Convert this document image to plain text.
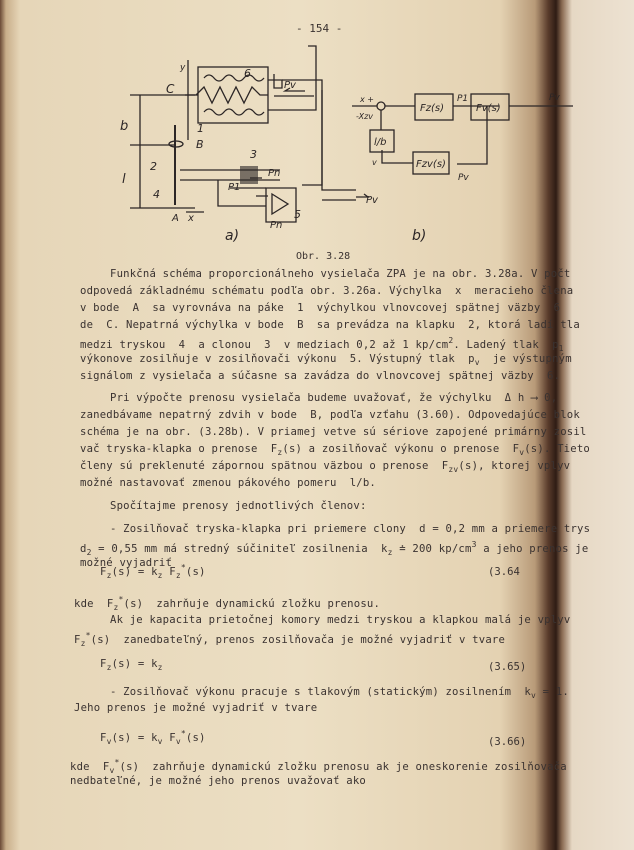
- 154 -
C
b
l
B
1
2
3
4
5
6
y
x
A
Pv
Pn
P1
Pv
Pn
a)
x +
-Xzv
Fz(s)
P1
Fv(s)
Pv
l/b
Fzv(s)
Pv
v
b)
Obr. 3.28
Funkčná schéma proporcionálneho vysielača ZPA je na obr. 3.28a. V počt
odpovedá základnému schématu podľa obr. 3.26a. Výchylka  x  meracieho člena
v bode  A  sa vyrovnáva na páke  1  výchylkou vlnovcovej spätnej väzby  6
de  C. Nepatrná výchylka v bode  B  sa prevádza na klapku  2, ktorá ladí tla
medzi tryskou  4  a clonou  3  v medziach 0,2 až 1 $kp/cm^2$. Ladený tlak  $p_1$
výkonove zosilňuje v zosilňovači výkonu  5. Výstupný tlak  $p_v$  je výstupným
signálom z vysielača a súčasne sa zavádza do vlnovcovej spätnej väzby  6.
Pri výpočte prenosu vysielača budeme uvažovať, že výchylku  Δ h ⟶ 0,
zanedbávame nepatrný zdvih v bode  B, podľa vzťahu (3.60). Odpovedajúce blok
schéma je na obr. (3.28b). V priamej vetve sú sériove zapojené primárny zosil
vač tryska-klapka o prenose  $F_z(s)$ a zosilňovač výkonu o prenose  $F_v(s)$. Tieto
členy sú preklenuté zápornou spätnou väzbou o prenose  $F_{zv}(s)$, ktorej vplyv
možné nastavovať zmenou pákového pomeru  l/b.
Spočítajme prenosy jednotlivých členov:
- Zosilňovač tryska-klapka pri priemere clony  d = 0,2 mm a priemere trys
$d_2 = 0,55$ mm má stredný súčiniteľ zosilnenia  $k_z$ ≐ 200 $kp/cm^3$ a jeho prenos je
možné vyjadriť
$F_z(s) = k_z$ $F_z^*(s)$
kde  $F_z^*(s)$  zahrňuje dynamickú zložku prenosu.
Ak je kapacita prietočnej komory medzi tryskou a klapkou malá je vplyv
$F_z^*(s)$  zanedbateľný, prenos zosilňovača je možné vyjadriť v tvare
$F_z(s) = k_z$
- Zosilňovač výkonu pracuje s tlakovým (statickým) zosilnením  $k_v = 1$.
Jeho prenos je možné vyjadriť v tvare
$F_v(s) = k_v$ $F_v^*(s)$
kde  $F_v^*(s)$  zahrňuje dynamickú zložku prenosu ak je oneskorenie zosilňovača
nedbateľné, je možné jeho prenos uvažovať ako
(3.64
(3.65)
(3.66)
